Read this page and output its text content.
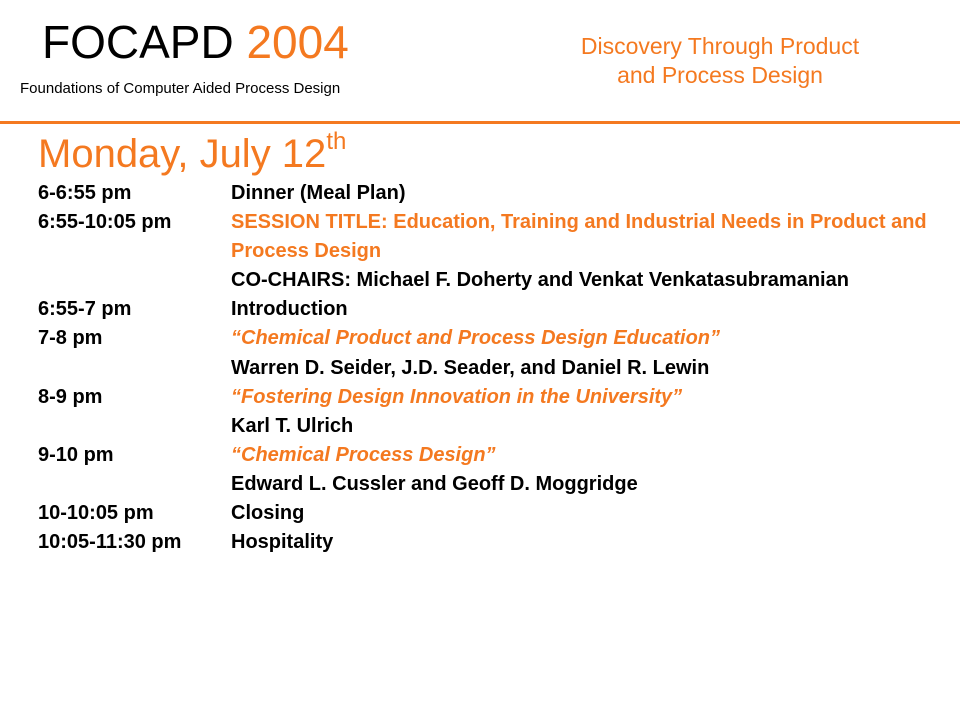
FOCAPD 2004
Foundations of Computer Aided Process Design
Discovery Through Product
and Process Design
Monday, July 12th
6-6:55 pm	Dinner (Meal Plan)
6:55-10:05 pm	SESSION TITLE: Education, Training and Industrial Needs in Product and Process Design
CO-CHAIRS: Michael F. Doherty and Venkat Venkatasubramanian
6:55-7 pm	Introduction
7-8 pm	“Chemical Product and Process Design Education”
Warren D. Seider, J.D. Seader, and Daniel R. Lewin
8-9 pm	“Fostering Design Innovation in the University”
Karl T. Ulrich
9-10 pm	“Chemical Process Design”
Edward L. Cussler and Geoff D. Moggridge
10-10:05 pm	Closing
10:05-11:30 pm	Hospitality
